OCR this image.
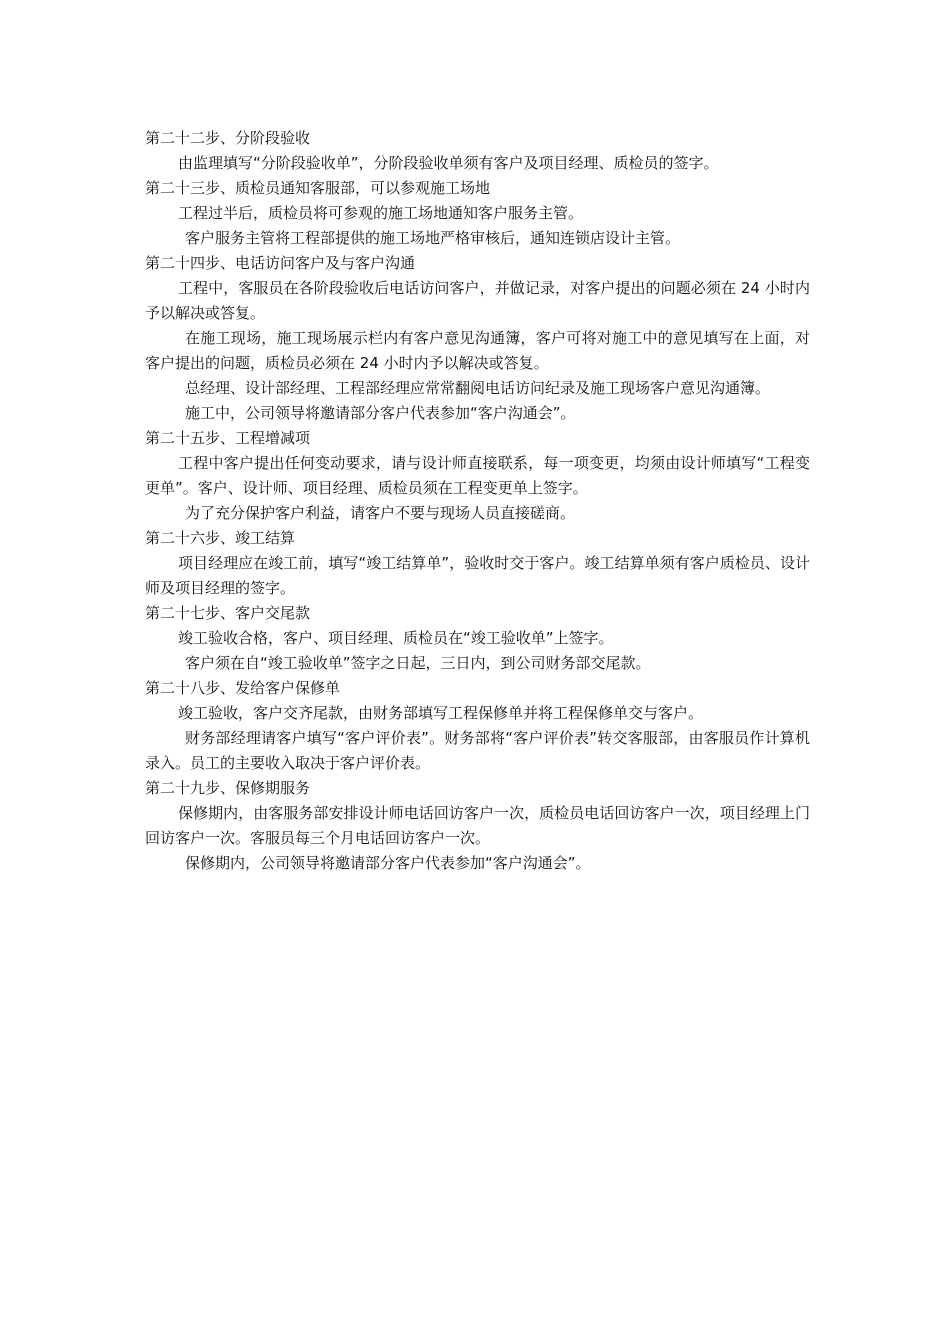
第二十二步、分阶段验收

由监理填写“分阶段验收单”，分阶段验收单须有客户及项目经理、质检员的签字。

第二十三步、质检员通知客服部，可以参观施工场地

工程过半后，质检员将可参观的施工场地通知客户服务主管。

客户服务主管将工程部提供的施工场地严格审核后，通知连锁店设计主管。

第二十四步、电话访问客户及与客户沟通

工程中，客服员在各阶段验收后电话访问客户，并做记录，对客户提出的问题必须在 24 小时内予以解决或答复。

在施工现场，施工现场展示栏内有客户意见沟通簿，客户可将对施工中的意见填写在上面，对客户提出的问题，质检员必须在 24 小时内予以解决或答复。

总经理、设计部经理、工程部经理应常常翻阅电话访问纪录及施工现场客户意见沟通簿。

施工中，公司领导将邀请部分客户代表参加“客户沟通会”。

第二十五步、工程增减项

工程中客户提出任何变动要求，请与设计师直接联系，每一项变更，均须由设计师填写“工程变更单”。客户、设计师、项目经理、质检员须在工程变更单上签字。

为了充分保护客户利益，请客户不要与现场人员直接磋商。

第二十六步、竣工结算

项目经理应在竣工前，填写“竣工结算单”，验收时交于客户。竣工结算单须有客户质检员、设计师及项目经理的签字。

第二十七步、客户交尾款

竣工验收合格，客户、项目经理、质检员在“竣工验收单”上签字。

客户须在自“竣工验收单”签字之日起，三日内，到公司财务部交尾款。

第二十八步、发给客户保修单

竣工验收，客户交齐尾款，由财务部填写工程保修单并将工程保修单交与客户。

财务部经理请客户填写“客户评价表”。财务部将“客户评价表”转交客服部，由客服员作计算机录入。员工的主要收入取决于客户评价表。

第二十九步、保修期服务

保修期内，由客服务部安排设计师电话回访客户一次，质检员电话回访客户一次，项目经理上门回访客户一次。客服员每三个月电话回访客户一次。

保修期内，公司领导将邀请部分客户代表参加“客户沟通会”。
